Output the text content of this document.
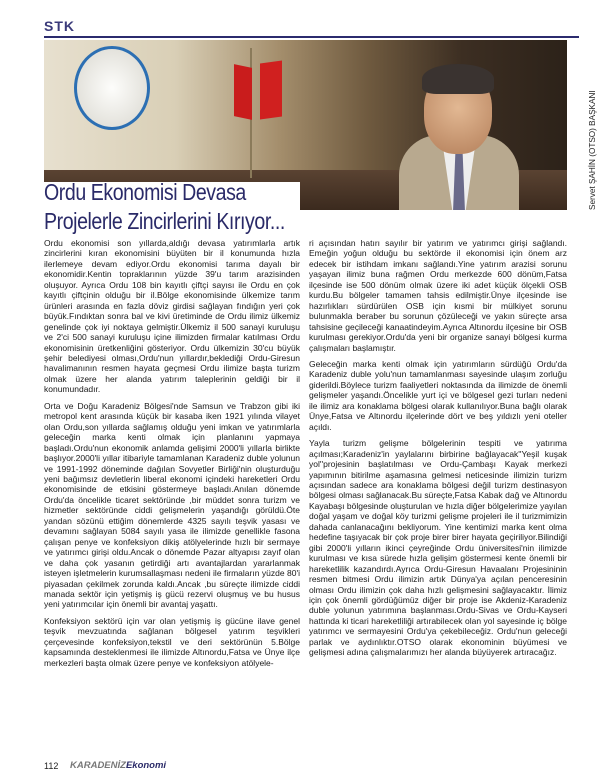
STK
Servet ŞAHİN (OTSO) BAŞKANI
Ordu Ekonomisi Devasa
Projelerle Zincirlerini Kırıyor...

Ordu ekonomisi son yıllarda,aldığı devasa yatırımlarla artık zincirlerini kıran ekonomisini büyüten bir il konumunda hızla ilerlemeye devam ediyor.Ordu ekonomisi tarıma dayalı bir ekonomidir.Kentin topraklarının yüzde 39'u tarım arazisinden oluşuyor. Ayrıca Ordu 108 bin kayıtlı çiftçi sayısı ile Ordu en çok kayıtlı çiftçinin olduğu bir il.Bölge ekonomisinde ülkemize tarım ürünleri arasında en fazla döviz girdisi sağlayan fındığın yeri çok büyük.Fındıktan sonra bal ve kivi üretiminde de Ordu ilimiz ülkemiz genelinde çok iyi noktaya gelmiştir.Ülkemiz il 500 sanayi kuruluşu ve 2'ci 500 sanayi kuruluşu içine ilimizden firmalar katılması Ordu ekonomisinin üretkenliğini gösteriyor. Ordu ülkemizin 30'cu büyük şehir belediyesi olması,Ordu'nun yıllardır,beklediği Ordu-Giresun havalimanının resmen hayata geçmesi Ordu ilimize başta turizm olmak üzere her alanda yatırım taleplerinin geldiği bir il konumundadır.

Orta ve Doğu Karadeniz Bölgesi'nde Samsun ve Trabzon gibi iki metropol kent arasında küçük bir kasaba iken 1921 yılında vilayet olan Ordu,son yıllarda sağlamış olduğu yeni imkan ve yatırımlarla geleceğin marka kenti olmak için planlanını yapmaya başladı.Ordu'nun ekonomik anlamda gelişimi 2000'li yıllarla birlikte başlıyor.2000'li yıllar itibariyle tamamlanan Karadeniz duble yolunun ve 1991-1992 döneminde dağılan Sovyetler Birliği'nin oluşturduğu yeni bağımsız devletlerin liberal ekonomi içindeki hareketleri Ordu ekonomisinde de etkisini göstermeye başladı.Anılan dönemde Ordu'da öncelikle ticaret sektöründe ,bir müddet sonra turizm ve hizmetler sektöründe ciddi gelişmelerin yaşandığı görüldü.Öte yandan sözünü ettiğim dönemlerde 4325 sayılı teşvik yasası ve devamını sağlayan 5084 sayılı yasa ile ilimizde genellikle fasona çalışan penye ve konfeksiyon dikiş atölyelerinde hızlı bir sermaye ve yatırımcı girişi oldu.Ancak o dönemde Pazar altyapısı zayıf olan ve daha çok yasanın getirdiği artı avantajlardan yararlanmak isteyen işletmelerin kurumsallaşması nedeni ile firmaların yüzde 80'i piyasadan çekilmek zorunda kaldı.Ancak ,bu süreçte ilimizde ciddi manada sektör için yetişmiş iş gücü rezervi oluşmuş ve bu husus yeni yatırımcılar için önemli bir avantaj yaşattı.

Konfeksiyon sektörü için var olan yetişmiş iş gücüne ilave genel teşvik mevzuatında sağlanan bölgesel yatırım teşvikleri çerçevesinde konfeksiyon,tekstil ve deri sektörünün 5.Bölge kapsamında desteklenmesi ile ilimizde Altınordu,Fatsa ve Ünye ilçe merkezleri başta olmak üzere penye ve konfeksiyon atölyele-

ri açısından hatırı sayılır bir yatırım ve yatırımcı girişi sağlandı. Emeğin yoğun olduğu bu sektörde il ekonomisi için önem arz edecek bir istihdam imkanı sağlandı.Yine yatırım arazisi sorunu yaşayan ilimiz buna rağmen Ordu merkezde 600 dönüm,Fatsa ilçesinde ise 500 dönüm olmak üzere iki adet küçük ölçekli OSB kurdu.Bu bölgeler tamamen tahsis edilmiştir.Ünye ilçesinde ise hazırlıkları sürdürülen OSB için kısmi bir mülkiyet sorunu bulunmakla beraber bu sorunun çözüleceği ve yakın süreçte arsa tahsisine geçileceği kanaatindeyim.Ayrıca Altınordu ilçesine bir OSB kurulması gerekiyor.Ordu'da yeni bir organize sanayi bölgesi kurma çalışmaları başlamıştır.

Geleceğin marka kenti olmak için yatırımların sürdüğü Ordu'da Karadeniz duble yolu'nun tamamlanması sayesinde ulaşım zorluğu giderildi.Böylece turizm faaliyetleri noktasında da ilimizde de önemli gelişmeler yaşandı.Öncelikle yurt içi ve bölgesel gezi turları nedeni ile ilimiz ara konaklama bölgesi olarak kullanılıyor.Buna bağlı olarak Ünye,Fatsa ve Altınordu ilçelerinde dört ve beş yıldızlı yeni oteller açıldı.

Yayla turizm gelişme bölgelerinin tespiti ve yatırıma açılması;Karadeniz'in yaylalarını birbirine bağlayacak''Yeşil kuşak yol''projesinin başlatılması ve Ordu-Çambaşı Kayak merkezi yapımının bitirilme aşamasına gelmesi neticesinde ilimizin turizm açısından sadece ara konaklama bölgesi değil turizm destinasyon bölgesi olması sağlanacak.Bu süreçte,Fatsa Kabak dağ ve Altınordu Kayabaşı bölgesinde oluşturulan ve hızla diğer bölgelerimize yayılan doğal yaşam ve doğal köy turizmi gelişme projeleri ile il turizmimizin dahada canlanacağını bekliyorum. Yine kentimizi marka kent olma hedefine taşıyacak bir çok proje birer birer hayata geçiriliyor.Bilindiği gibi 2000'li yılların ikinci çeyreğinde Ordu üniversitesi'nin ilimizde kurulması ve kısa sürede hızla gelişim göstermesi kente önemli bir hareketlilik kazandırdı.Ayrıca Ordu-Giresun Havaalanı Projesininin resmen bitmesi Ordu ilimizin artık Dünya'ya açılan penceresinin olması Ordu ilimizin çok daha hızlı gelişmesini sağlayacaktır. İlimiz için çok önemli gördüğümüz diğer bir proje ise Akdeniz-Karadeniz duble yolunun yatırımına başlanması.Ordu-Sivas ve Ordu-Kayseri hattında ki ticari hareketliliği artırabilecek olan yol sayesinde iç bölge yatırımcı ve sermayesini Ordu'ya çekebileceğiz. Ordu'nun geleceği parlak ve aydınlıktır.OTSO olarak ekonominin büyümesi ve gelişmesi adına çalışmalarımızı her alanda büyüyerek artıracağız.

112 KARADENİZEkonomi
